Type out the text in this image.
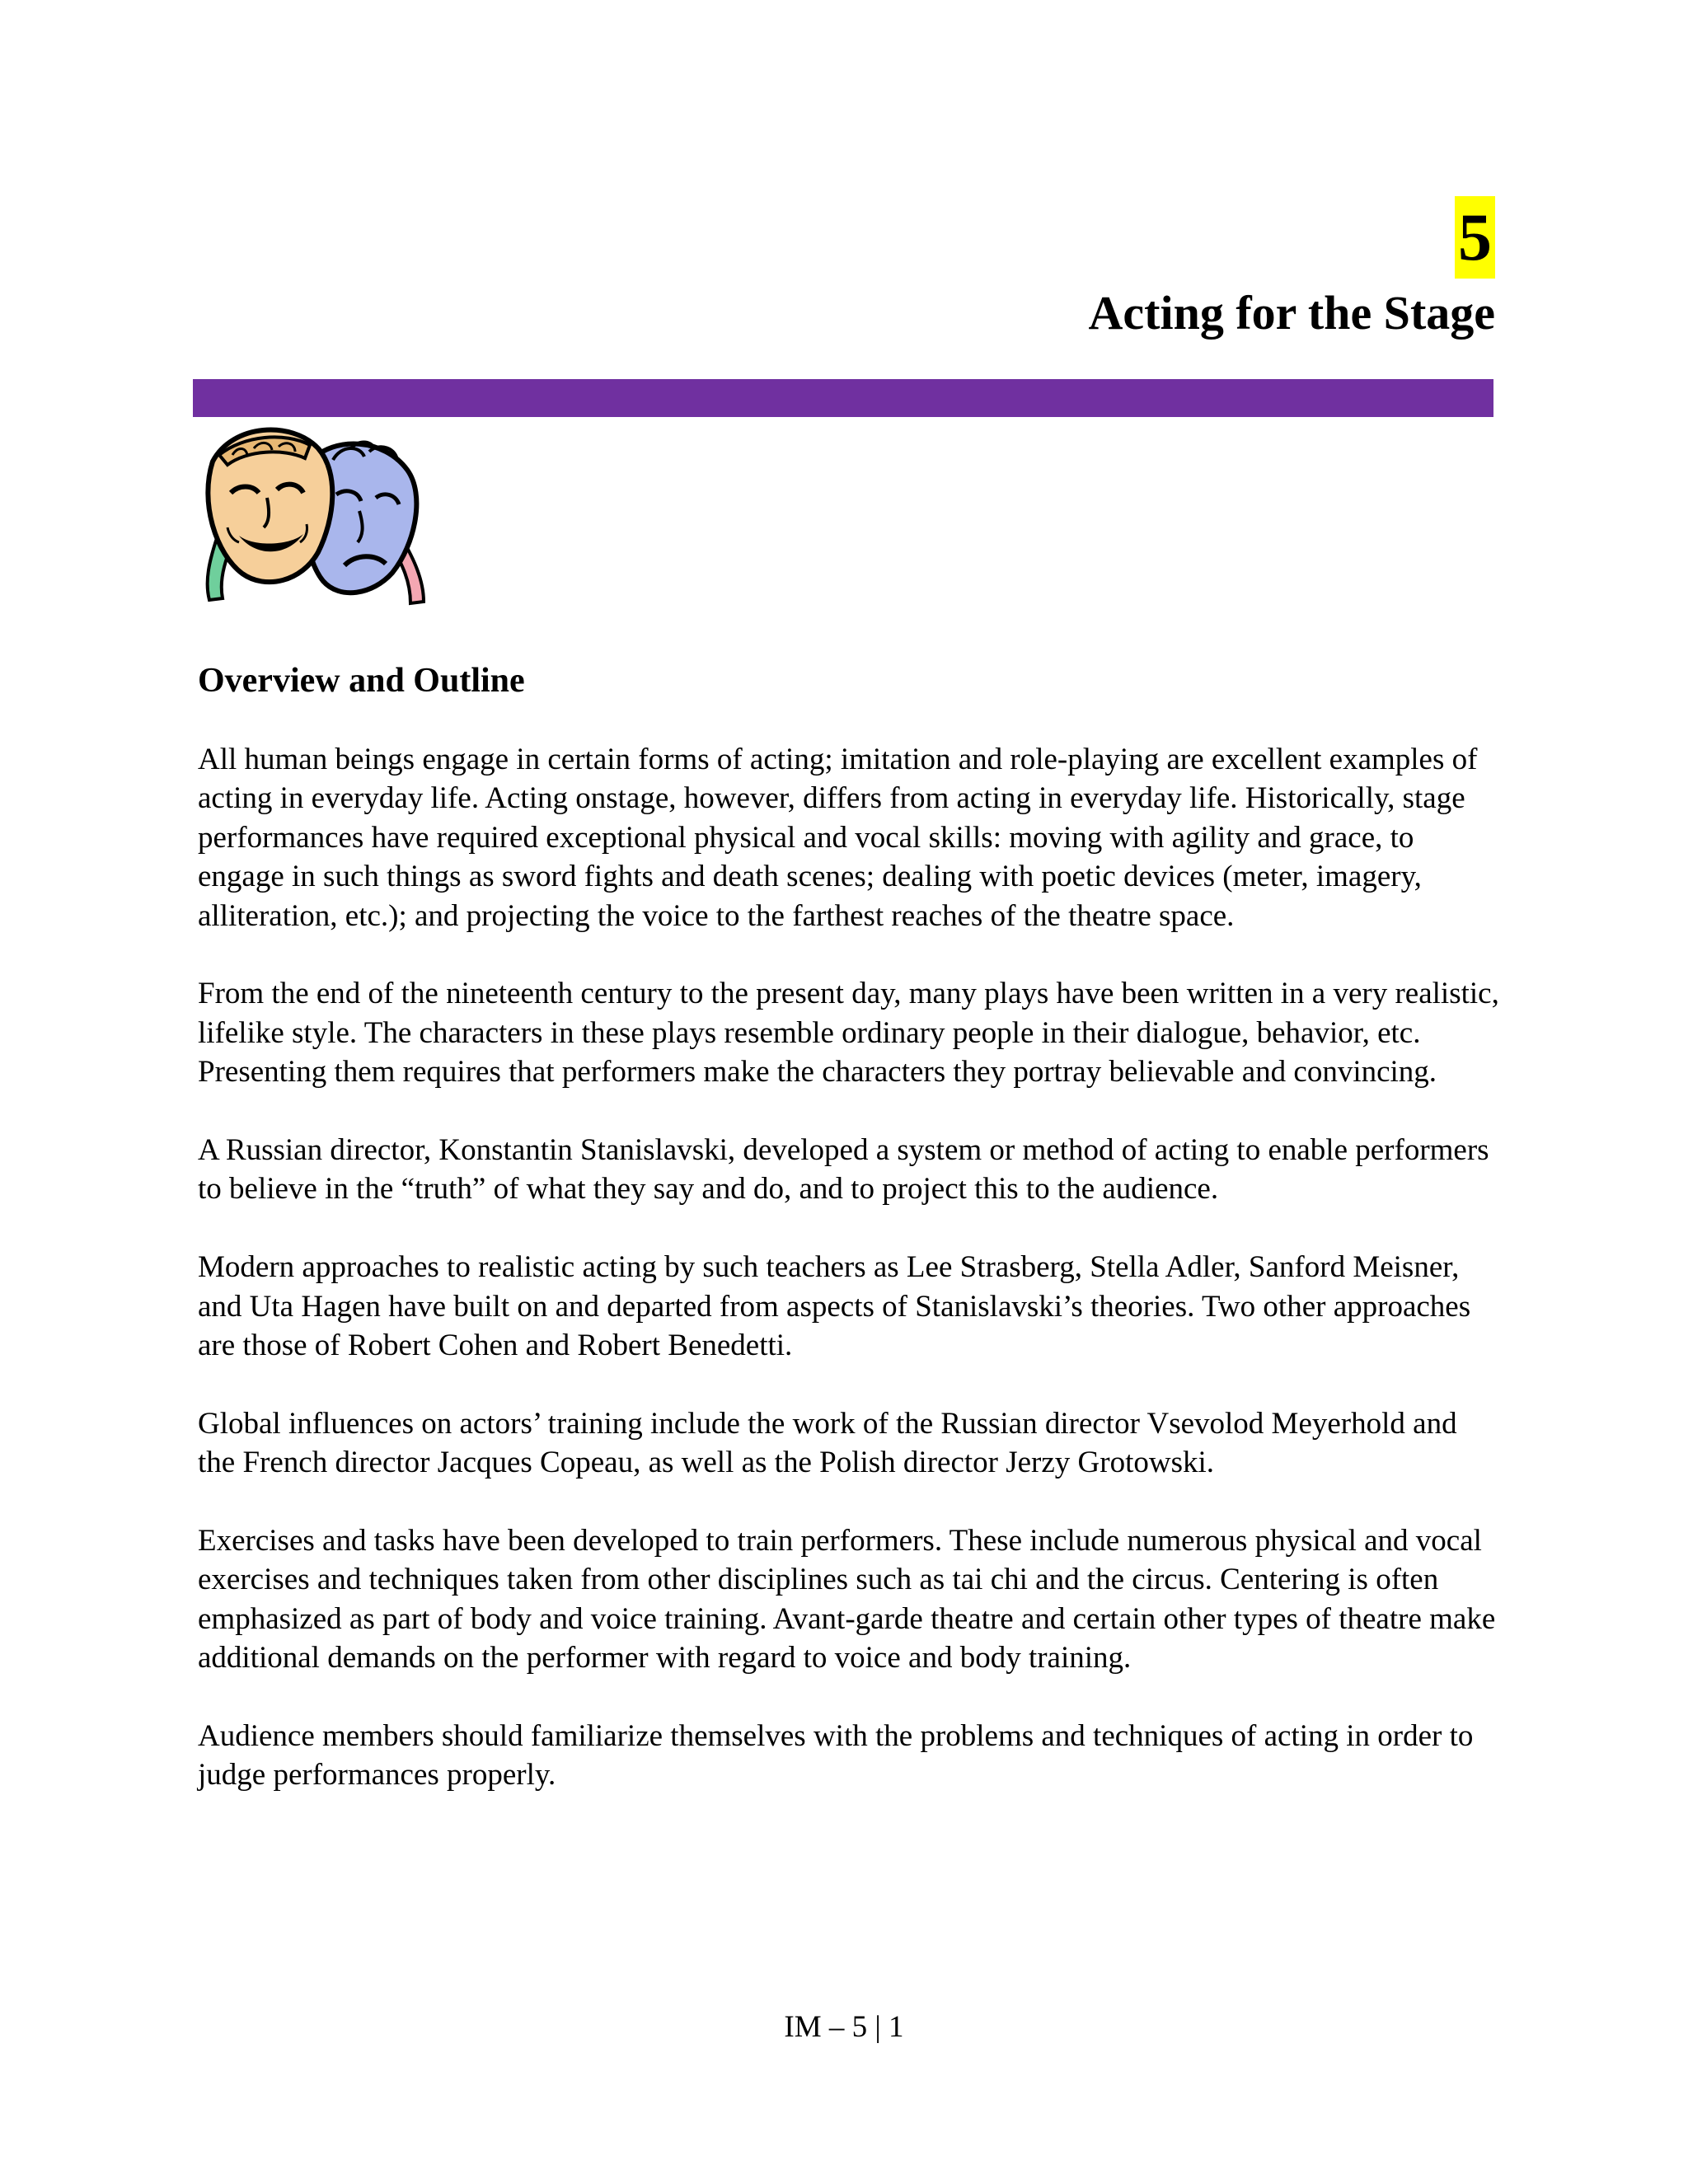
5
Acting for the Stage
Overview and Outline

All human beings engage in certain forms of acting; imitation and role-playing are excellent examples of acting in everyday life. Acting onstage, however, differs from acting in everyday life. Historically, stage performances have required exceptional physical and vocal skills: moving with agility and grace, to engage in such things as sword fights and death scenes; dealing with poetic devices (meter, imagery, alliteration, etc.); and projecting the voice to the farthest reaches of the theatre space.

From the end of the nineteenth century to the present day, many plays have been written in a very realistic, lifelike style. The characters in these plays resemble ordinary people in their dialogue, behavior, etc. Presenting them requires that performers make the characters they portray believable and convincing.

A Russian director, Konstantin Stanislavski, developed a system or method of acting to enable performers to believe in the “truth” of what they say and do, and to project this to the audience.

Modern approaches to realistic acting by such teachers as Lee Strasberg, Stella Adler, Sanford Meisner, and Uta Hagen have built on and departed from aspects of Stanislavski’s theories. Two other approaches are those of Robert Cohen and Robert Benedetti.

Global influences on actors’ training include the work of the Russian director Vsevolod Meyerhold and the French director Jacques Copeau, as well as the Polish director Jerzy Grotowski.

Exercises and tasks have been developed to train performers. These include numerous physical and vocal exercises and techniques taken from other disciplines such as tai chi and the circus. Centering is often emphasized as part of body and voice training. Avant-garde theatre and certain other types of theatre make additional demands on the performer with regard to voice and body training.

Audience members should familiarize themselves with the problems and techniques of acting in order to judge performances properly.

IM – 5 | 1
